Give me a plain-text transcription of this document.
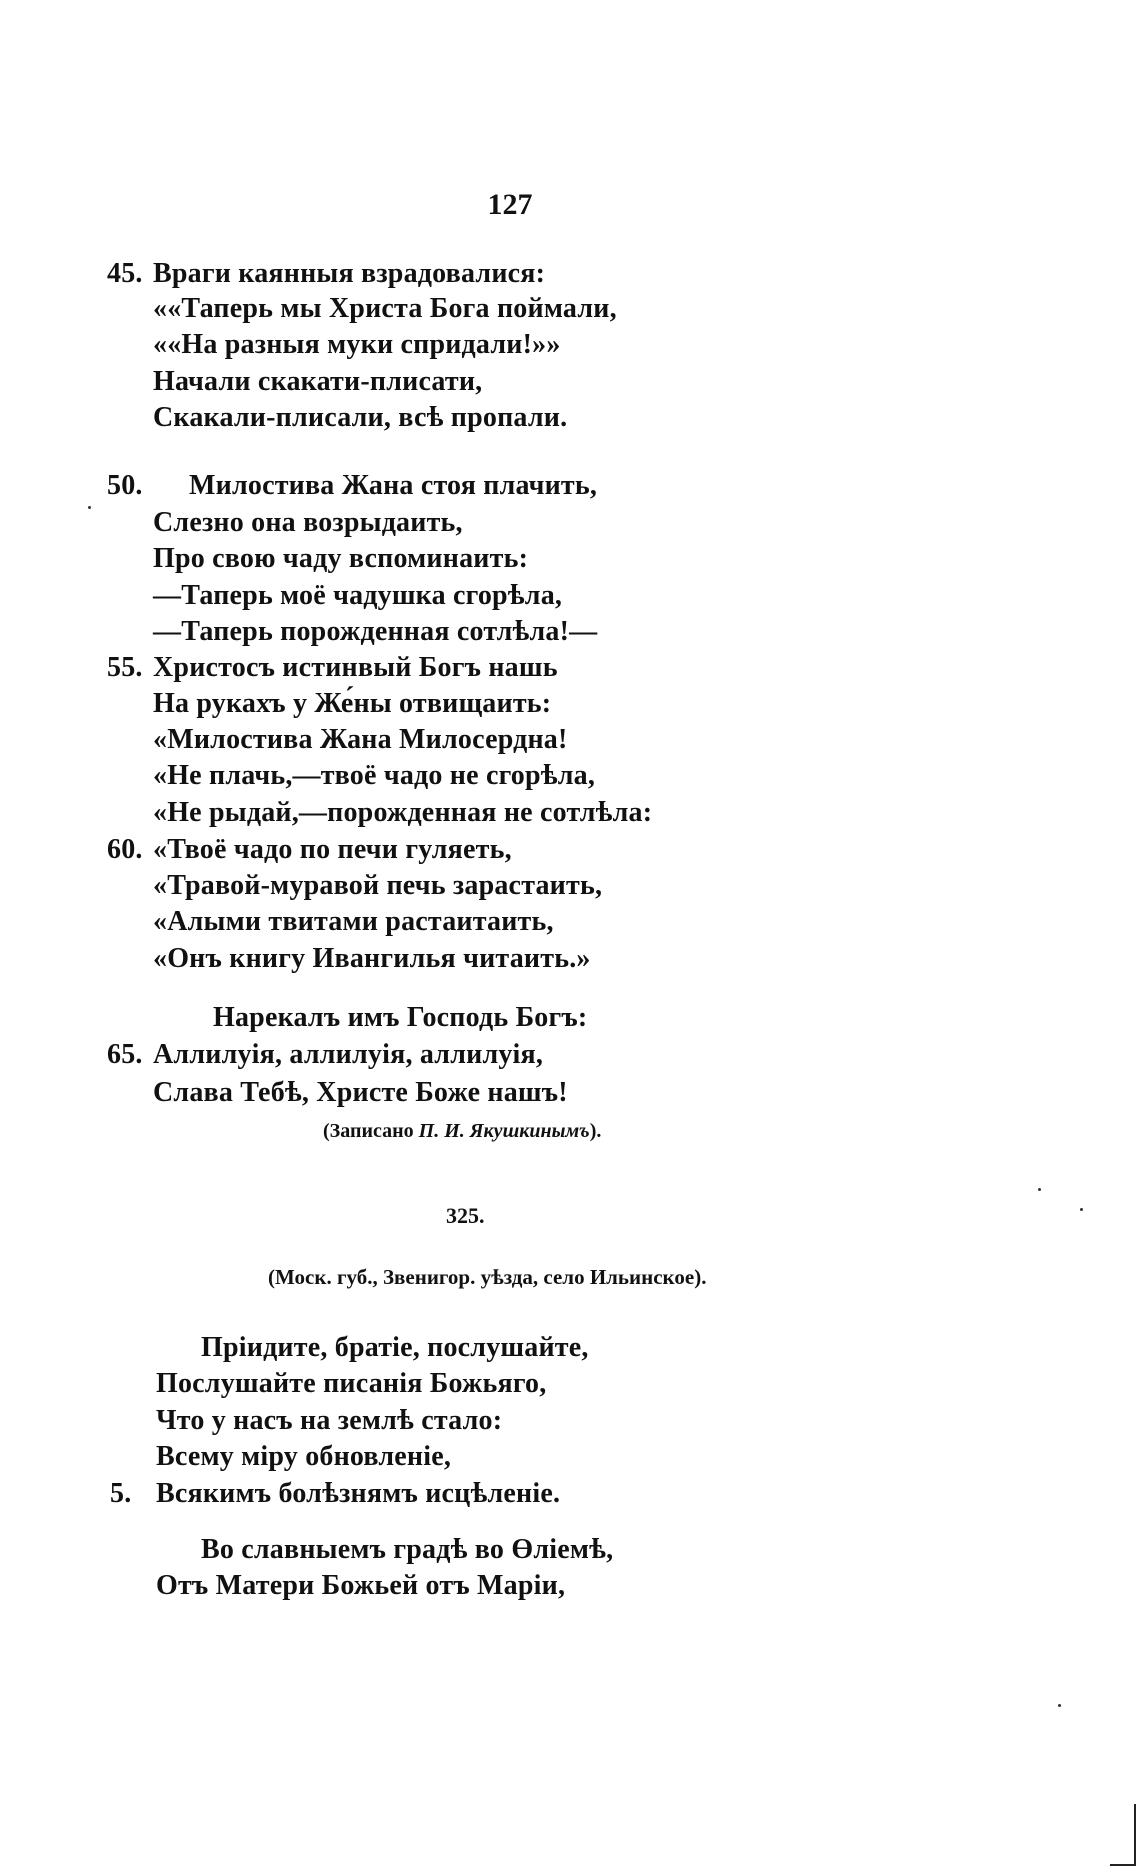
127
45. Враги каянныя взрадовалися:
««Таперь мы Христа Бога поймали,
««На разныя муки спридали!»»
Начали скакати-плисати,
Скакали-плисали, всѣ пропали.
50. Милостива Жана стоя плачить,
Слезно она возрыдаить,
Про свою чаду вспоминаить:
—Таперь моё чадушка сгорѣла,
—Таперь порожденная сотлѣла!—
55. Христосъ истинвый Богъ нашь
На рукахъ у Же́ны отвищаить:
«Милостива Жана Милосердна!
«Не плачь,—твоё чадо не сгорѣла,
«Не рыдай,—порожденная не сотлѣла:
60. «Твоё чадо по печи гуляеть,
«Травой-муравой печь зарастаить,
«Алыми твитами растаитаить,
«Онъ книгу Ивангилья читаить.»
Нарекалъ имъ Господь Богъ:
65. Аллилуія, аллилуія, аллилуія,
Слава Тебѣ, Христе Боже нашъ!
(Записано П. И. Якушкинымъ).
325.
(Моск. губ., Звенигор. уѣзда, село Ильинское).
Пріидите, братіе, послушайте,
Послушайте писанія Божьяго,
Что у насъ на землѣ стало:
Всему міру обновленіе,
5. Всякимъ болѣзнямъ исцѣленіе.
Во славныемъ градѣ во Өліемѣ,
Отъ Матери Божьей отъ Маріи,
